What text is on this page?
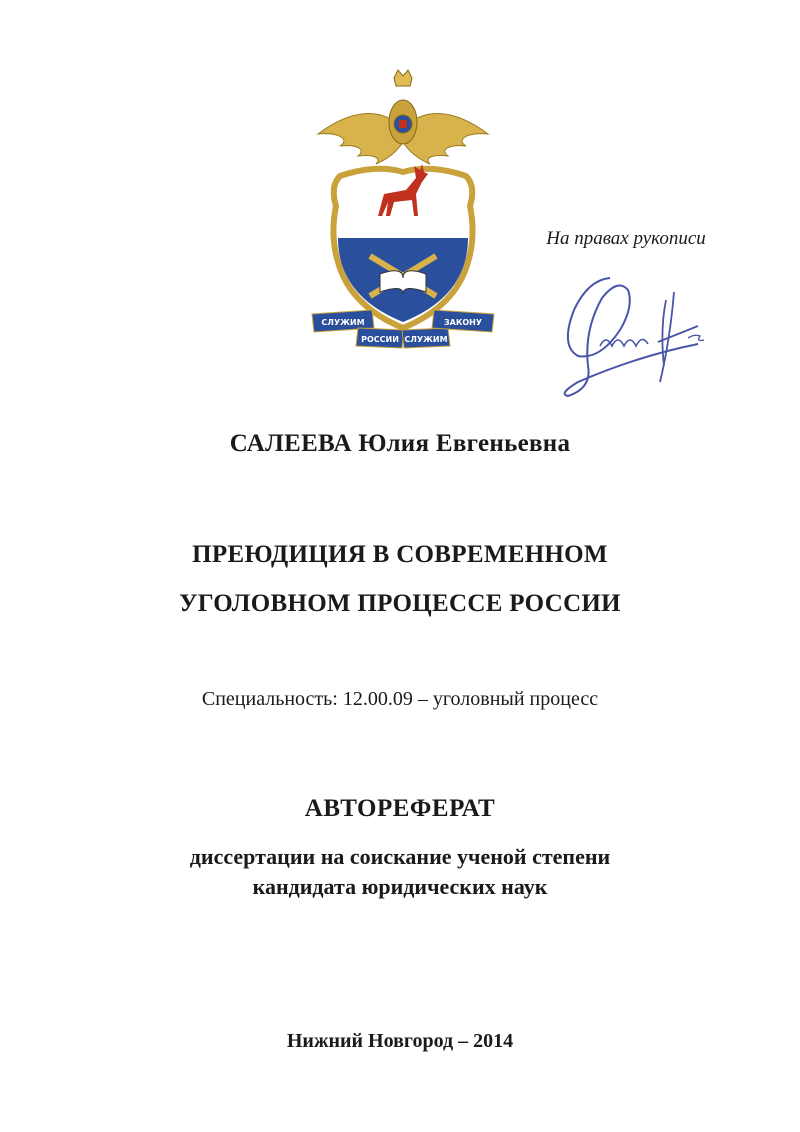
СЛУЖИМ
РОССИИ СЛУЖИМ
ЗАКОНУ
На правах рукописи
САЛЕЕВА Юлия Евгеньевна
ПРЕЮДИЦИЯ В СОВРЕМЕННОМ
УГОЛОВНОМ ПРОЦЕССЕ РОССИИ
Специальность: 12.00.09 – уголовный процесс
АВТОРЕФЕРАТ
диссертации на соискание ученой степени
кандидата юридических наук
Нижний Новгород – 2014
